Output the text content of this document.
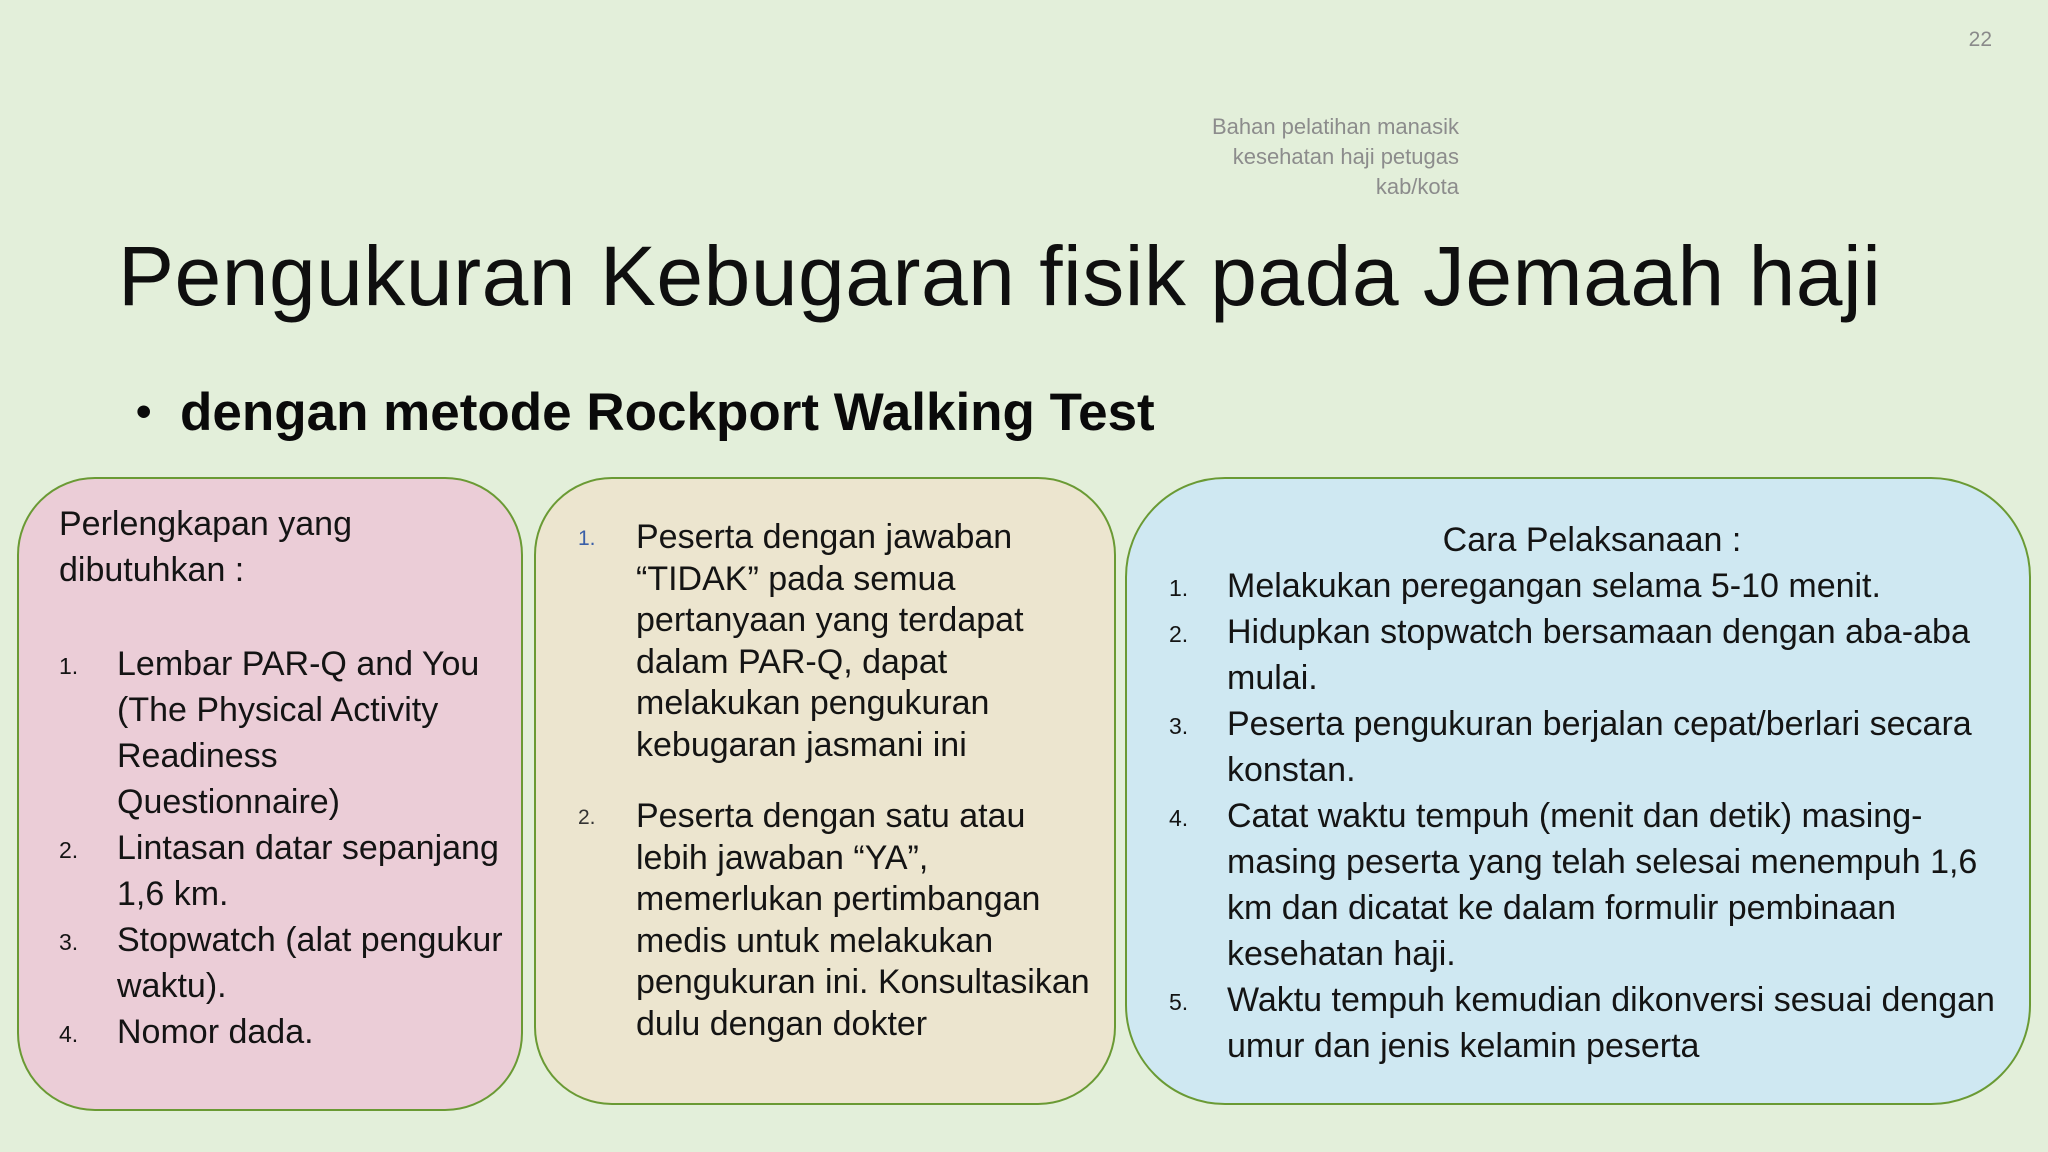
22
Bahan pelatihan manasik
kesehatan haji petugas
kab/kota
Pengukuran Kebugaran fisik pada Jemaah haji
• dengan metode Rockport Walking Test
Perlengkapan yang dibutuhkan :
1. Lembar PAR-Q and You (The Physical Activity Readiness Questionnaire)
2. Lintasan datar sepanjang 1,6 km.
3. Stopwatch (alat pengukur waktu).
4. Nomor dada.
1. Peserta dengan jawaban “TIDAK” pada semua pertanyaan yang terdapat dalam PAR-Q, dapat melakukan pengukuran kebugaran jasmani ini
2. Peserta dengan satu atau lebih jawaban “YA”, memerlukan pertimbangan medis untuk melakukan pengukuran ini. Konsultasikan dulu dengan dokter
Cara Pelaksanaan :
1. Melakukan peregangan selama 5-10 menit.
2. Hidupkan stopwatch bersamaan dengan aba-aba mulai.
3. Peserta pengukuran berjalan cepat/berlari secara konstan.
4. Catat waktu tempuh (menit dan detik) masing-masing peserta yang telah selesai menempuh 1,6 km dan dicatat ke dalam formulir pembinaan kesehatan haji.
5. Waktu tempuh kemudian dikonversi sesuai dengan umur dan jenis kelamin peserta
